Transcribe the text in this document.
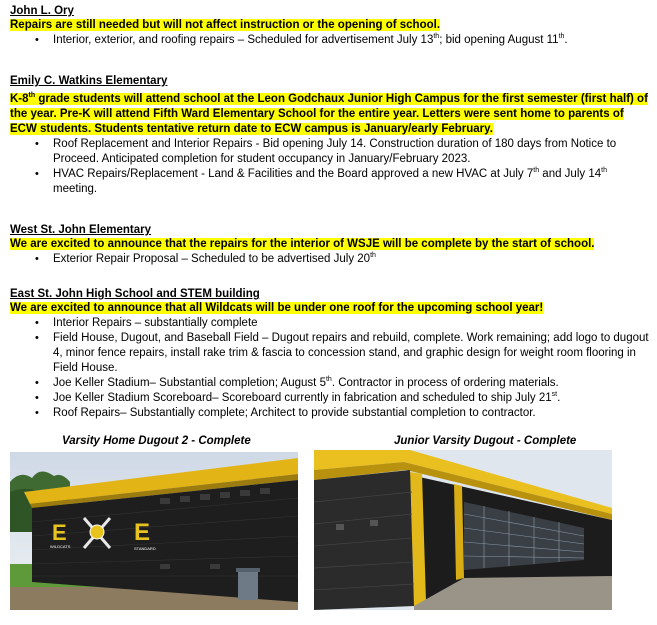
John L. Ory
Repairs are still needed but will not affect instruction or the opening of school.
• Interior, exterior, and roofing repairs – Scheduled for advertisement July 13th; bid opening August 11th.
Emily C. Watkins Elementary
K-8th grade students will attend school at the Leon Godchaux Junior High Campus for the first semester (first half) of the year. Pre-K will attend Fifth Ward Elementary School for the entire year. Letters were sent home to parents of ECW students. Students tentative return date to ECW campus is January/early February.
• Roof Replacement and Interior Repairs - Bid opening July 14. Construction duration of 180 days from Notice to Proceed. Anticipated completion for student occupancy in January/February 2023.
• HVAC Repairs/Replacement - Land & Facilities and the Board approved a new HVAC at July 7th and July 14th meeting.
West St. John Elementary
We are excited to announce that the repairs for the interior of WSJE will be complete by the start of school.
• Exterior Repair Proposal – Scheduled to be advertised July 20th
East St. John High School and STEM building
We are excited to announce that all Wildcats will be under one roof for the upcoming school year!
• Interior Repairs – substantially complete
• Field House, Dugout, and Baseball Field – Dugout repairs and rebuild, complete. Work remaining; add logo to dugout 4, minor fence repairs, install rake trim & fascia to concession stand, and graphic design for weight room flooring in Field House.
• Joe Keller Stadium– Substantial completion; August 5th. Contractor in process of ordering materials.
• Joe Keller Stadium Scoreboard– Scoreboard currently in fabrication and scheduled to ship July 21st.
• Roof Repairs– Substantially complete; Architect to provide substantial completion to contractor.
Varsity Home Dugout 2 - Complete	Junior Varsity Dugout - Complete
E
WILDCATS
E
STANDARD
